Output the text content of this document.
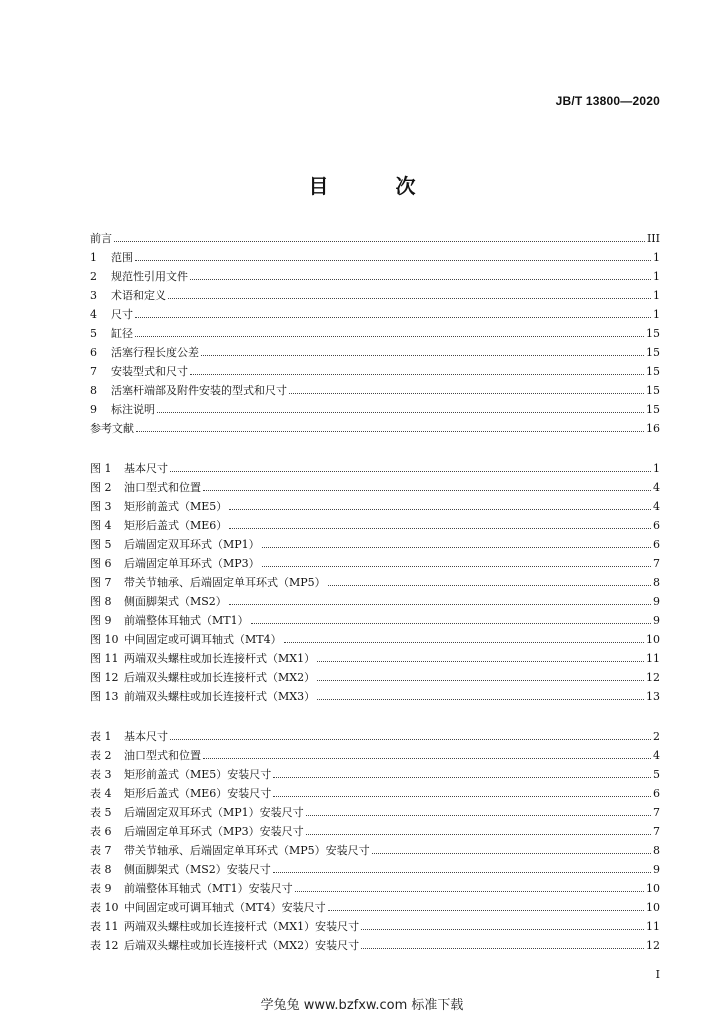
JB/T 13800—2020
目 次
前言	III
1	范围	1
2	规范性引用文件	1
3	术语和定义	1
4	尺寸	1
5	缸径	15
6	活塞行程长度公差	15
7	安装型式和尺寸	15
8	活塞杆端部及附件安装的型式和尺寸	15
9	标注说明	15
参考文献	16
图 1	基本尺寸	1
图 2	油口型式和位置	4
图 3	矩形前盖式（ME5）	4
图 4	矩形后盖式（ME6）	6
图 5	后端固定双耳环式（MP1）	6
图 6	后端固定单耳环式（MP3）	7
图 7	带关节轴承、后端固定单耳环式（MP5）	8
图 8	侧面脚架式（MS2）	9
图 9	前端整体耳轴式（MT1）	9
图 10 中间固定或可调耳轴式（MT4）	10
图 11 两端双头螺柱或加长连接杆式（MX1）	11
图 12 后端双头螺柱或加长连接杆式（MX2）	12
图 13 前端双头螺柱或加长连接杆式（MX3）	13
表 1	基本尺寸	2
表 2	油口型式和位置	4
表 3	矩形前盖式（ME5）安装尺寸	5
表 4	矩形后盖式（ME6）安装尺寸	6
表 5	后端固定双耳环式（MP1）安装尺寸	7
表 6	后端固定单耳环式（MP3）安装尺寸	7
表 7	带关节轴承、后端固定单耳环式（MP5）安装尺寸	8
表 8	侧面脚架式（MS2）安装尺寸	9
表 9	前端整体耳轴式（MT1）安装尺寸	10
表 10 中间固定或可调耳轴式（MT4）安装尺寸	10
表 11 两端双头螺柱或加长连接杆式（MX1）安装尺寸	11
表 12 后端双头螺柱或加长连接杆式（MX2）安装尺寸	12
I
学兔兔 www.bzfxw.com 标准下载
